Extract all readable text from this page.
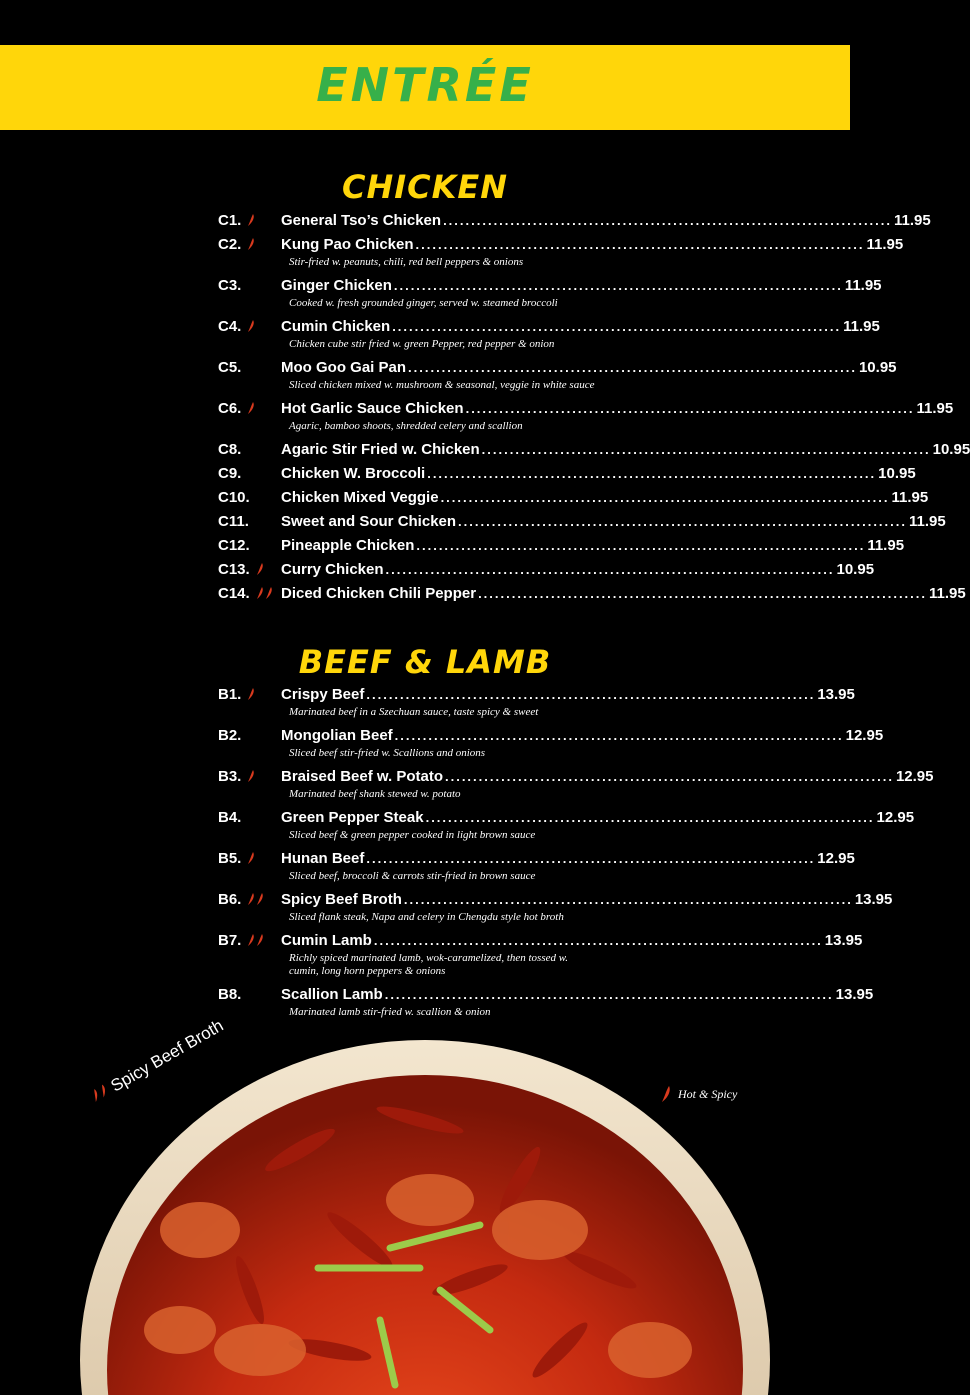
ENTRÉE
CHICKEN
C1.	General Tso’s Chicken ................................................................................ 11.95
C2.	Kung Pao Chicken ................................................................................ 11.95
Stir-fried w. peanuts, chili, red bell peppers & onions
C3.	Ginger Chicken ................................................................................ 11.95
Cooked w. fresh grounded ginger, served w. steamed broccoli
C4.	Cumin Chicken ................................................................................ 11.95
Chicken cube stir fried w. green Pepper, red pepper & onion
C5.	Moo Goo Gai Pan ................................................................................ 10.95
Sliced chicken mixed w. mushroom & seasonal, veggie in white sauce
C6.	Hot Garlic Sauce Chicken ................................................................................ 11.95
Agaric, bamboo shoots, shredded celery and scallion
C8.	Agaric Stir Fried w. Chicken ................................................................................ 10.95
C9.	Chicken W. Broccoli ................................................................................ 10.95
C10. Chicken Mixed Veggie ................................................................................ 11.95
C11. Sweet and Sour Chicken ................................................................................ 11.95
C12. Pineapple Chicken ................................................................................ 11.95
C13. Curry Chicken ................................................................................ 10.95
C14. Diced Chicken Chili Pepper ................................................................................ 11.95
BEEF & LAMB
B1.	Crispy Beef ................................................................................ 13.95
Marinated beef in a Szechuan sauce, taste spicy & sweet
B2.	Mongolian Beef ................................................................................ 12.95
Sliced beef stir-fried w. Scallions and onions
B3.	Braised Beef w. Potato ................................................................................ 12.95
Marinated beef shank stewed w. potato
B4.	Green Pepper Steak ................................................................................ 12.95
Sliced beef & green pepper cooked in light brown sauce
B5.	Hunan Beef ................................................................................ 12.95
Sliced beef, broccoli & carrots stir-fried in brown sauce
B6.	Spicy Beef Broth ................................................................................ 13.95
Sliced flank steak, Napa and celery in Chengdu style hot broth
B7.	Cumin Lamb ................................................................................ 13.95
Richly spiced marinated lamb, wok-caramelized, then tossed w. cumin, long horn peppers & onions
B8.	Scallion Lamb ................................................................................ 13.95
Marinated lamb stir-fried w. scallion & onion
Spicy Beef Broth	Hot & Spicy
